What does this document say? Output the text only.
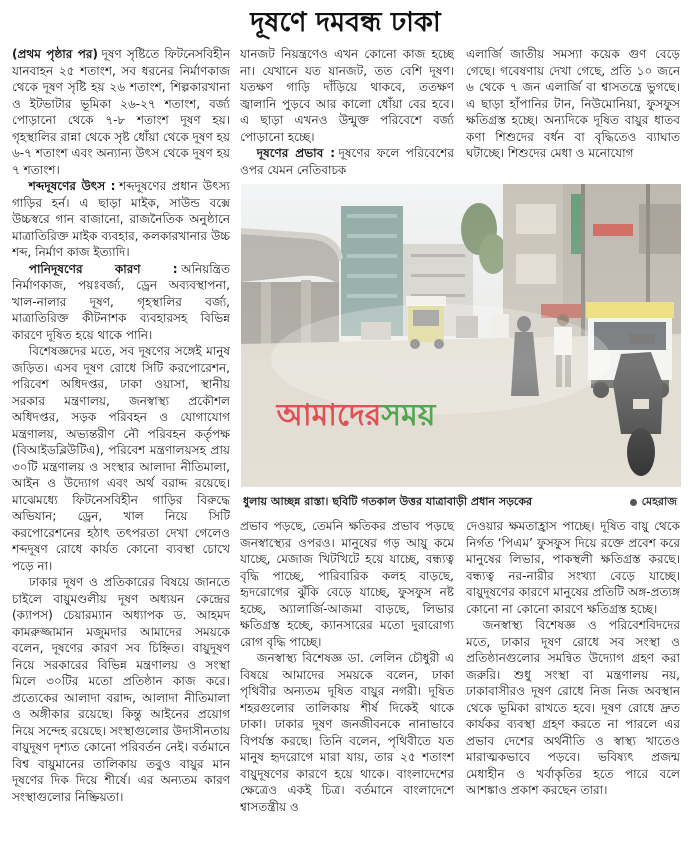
দূষণে দমবন্ধ ঢাকা

(প্রথম পৃষ্ঠার পর) দূষণ সৃষ্টিতে ফিটনেসবিহীন যানবাহন ২৫ শতাংশ, সব ধরনের নির্মাণকাজ থেকে দূষণ সৃষ্টি হয় ২৬ শতাংশ, শিল্পকারখানা ও ইটভাটার ভূমিকা ২৬-২৭ শতাংশ, বর্জ্য পোড়ানো থেকে ৭-৮ শতাংশ দূষণ হয়। গৃহস্থালির রান্না থেকে সৃষ্ট ধোঁয়া থেকে দূষণ হয় ৬-৭ শতাংশ এবং অন্যান্য উৎস থেকে দূষণ হয় ৭ শতাংশ।

শব্দদূষণের উৎস : শব্দদূষণের প্রধান উৎস্য গাড়ির হর্ন। এ ছাড়া মাইক, সাউন্ড বক্সে উচ্চস্বরে গান বাজানো, রাজনৈতিক অনুষ্ঠানে মাত্রাতিরিক্ত মাইক ব্যবহার, কলকারখানার উচ্চ শব্দ, নির্মাণ কাজ ইত্যাদি।

পানিদূষণের কারণ : অনিয়ন্ত্রিত নির্মাণকাজ, পয়ঃবর্জ্য, ড্রেন অব্যবস্থাপনা, খাল-নালার দূষণ, গৃহস্থালির বর্জ্য, মাত্রাতিরিক্ত কীটনাশক ব্যবহারসহ বিভিন্ন কারণে দূষিত হয়ে থাকে পানি।

বিশেষজ্ঞদের মতে, সব দূষণের সঙ্গেই মানুষ জড়িত। এসব দূষণ রোধে সিটি করপোরেশন, পরিবেশ অধিদপ্তর, ঢাকা ওয়াসা, স্থানীয় সরকার মন্ত্রণালয়, জনস্বাস্থ্য প্রকৌশল অধিদপ্তর, সড়ক পরিবহন ও যোগাযোগ মন্ত্রণালয়, অভ্যন্তরীণ নৌ পরিবহন কর্তৃপক্ষ (বিআইডব্লিউটিএ), পরিবেশ মন্ত্রণালয়সহ প্রায় ৩০টি মন্ত্রণালয় ও সংস্থার আলাদা নীতিমালা, আইন ও উদ্যোগ এবং অর্থ বরাদ্দ রয়েছে। মাঝেমধ্যে ফিটনেসবিহীন গাড়ির বিরুদ্ধে অভিযান; ড্রেন, খাল নিয়ে সিটি করপোরেশনের হঠাৎ তৎপরতা দেখা গেলেও শব্দদূষণ রোধে কার্যত কোনো ব্যবস্থা চোখে পড়ে না।

ঢাকার দূষণ ও প্রতিকারের বিষয়ে জানতে চাইলে বায়ুমণ্ডলীয় দূষণ অধ্যয়ন কেন্দ্রের (ক্যাপস) চেয়ারম্যান অধ্যাপক ড. আহমদ কামরুজ্জামান মজুমদার আমাদের সময়কে বলেন, দূষণের কারণ সব চিহ্নিত। বায়ুদূষণ নিয়ে সরকারের বিভিন্ন মন্ত্রণালয় ও সংস্থা মিলে ৩০টির মতো প্রতিষ্ঠান কাজ করে। প্রত্যেকের আলাদা বরাদ্দ, আলাদা নীতিমালা ও অঙ্গীকার রয়েছে। কিন্তু আইনের প্রয়োগ নিয়ে সন্দেহ রয়েছে। সংস্থাগুলোর উদাসীনতায় বায়ুদূষণ দৃশ্যত কোনো পরিবর্তন নেই। বর্তমানে বিশ্ব বায়ুমানের তালিকায় তবুও বায়ুর মান দূষণের দিক দিয়ে শীর্ষে। এর অন্যতম কারণ সংস্থাগুলোর নিষ্ক্রিয়তা।

যানজট নিয়ন্ত্রণেও এখন কোনো কাজ হচ্ছে না। যেখানে যত যানজট, তত বেশি দূষণ। যতক্ষণ গাড়ি দাঁড়িয়ে থাকবে, ততক্ষণ জ্বালানি পুড়বে আর কালো ধোঁয়া বের হবে। এ ছাড়া এখনও উন্মুক্ত পরিবেশে বর্জ্য পোড়ানো হচ্ছে।

দূষণের প্রভাব : দূষণের ফলে পরিবেশের ওপর যেমন নেতিবাচক

এলার্জি জাতীয় সমস্যা কয়েক গুণ বেড়ে গেছে। গবেষণায় দেখা গেছে, প্রতি ১০ জনে ৬ থেকে ৭ জন এলার্জি বা শ্বাসতন্ত্রে ভুগছে। এ ছাড়া হাঁপানির টান, নিউমোনিয়া, ফুসফুস ক্ষতিগ্রস্ত হচ্ছে। অন্যদিকে দূষিত বায়ুর ধাতব কণা শিশুদের বর্ধন বা বৃদ্ধিতেও ব্যাঘাত ঘটাচ্ছে। শিশুদের মেধা ও মনোযোগ

আমাদেরসময়
ধুলায় আচ্ছন্ন রাস্তা। ছবিটি গতকাল উত্তর যাত্রাবাড়ী প্রধান সড়কের	মেহরাজ

প্রভাব পড়ছে, তেমনি ক্ষতিকর প্রভাব পড়ছে জনস্বাস্থ্যের ওপরও। মানুষের গড় আয়ু কমে যাচ্ছে, মেজাজ খিটখিটে হয়ে যাচ্ছে, বন্ধ্যত্ব বৃদ্ধি পাচ্ছে, পারিবারিক কলহ বাড়ছে, হৃদরোগের ঝুঁকি বেড়ে যাচ্ছে, ফুসফুস নষ্ট হচ্ছে, অ্যালার্জি-আজমা বাড়ছে, লিভার ক্ষতিগ্রস্ত হচ্ছে, ক্যানসারের মতো দুরারোগ্য রোগ বৃদ্ধি পাচ্ছে।

জনস্বাস্থ্য বিশেষজ্ঞ ডা. লেলিন চৌধুরী এ বিষয়ে আমাদের সময়কে বলেন, ঢাকা পৃথিবীর অন্যতম দূষিত বায়ুর নগরী। দূষিত শহরগুলোর তালিকায় শীর্ষ দিকেই থাকে ঢাকা। ঢাকার দূষণ জনজীবনকে নানাভাবে বিপর্যস্ত করছে। তিনি বলেন, পৃথিবীতে যত মানুষ হৃদরোগে মারা যায়, তার ২৫ শতাংশ বায়ুদূষণের কারণে হয়ে থাকে। বাংলাদেশের ক্ষেত্রেও একই চিত্র। বর্তমানে বাংলাদেশে শ্বাসতন্ত্রীয় ও

দেওয়ার ক্ষমতাহ্রাস পাচ্ছে। দূষিত বায়ু থেকে নির্গত ‘পিএম’ ফুসফুস দিয়ে রক্তে প্রবেশ করে মানুষের লিভার, পাকস্থলী ক্ষতিগ্রস্ত করছে। বন্ধ্যত্ব নর-নারীর সংখ্যা বেড়ে যাচ্ছে। বায়ুদূষণের কারণে মানুষের প্রতিটি অঙ্গ-প্রত্যঙ্গ কোনো না কোনো কারণে ক্ষতিগ্রস্ত হচ্ছে।

জনস্বাস্থ্য বিশেষজ্ঞ ও পরিবেশবিদদের মতে, ঢাকার দূষণ রোধে সব সংস্থা ও প্রতিষ্ঠানগুলোর সমন্বিত উদ্যোগ গ্রহণ করা জরুরি। শুধু সংস্থা বা মন্ত্রণালয় নয়, ঢাকাবাসীরও দূষণ রোধে নিজ নিজ অবস্থান থেকে ভূমিকা রাখতে হবে। দূষণ রোধে দ্রুত কার্যকর ব্যবস্থা গ্রহণ করতে না পারলে এর প্রভাব দেশের অর্থনীতি ও স্বাস্থ্য খাতেও মারাত্মকভাবে পড়বে। ভবিষ্যৎ প্রজন্ম মেধাহীন ও খর্বাকৃতির হতে পারে বলে আশঙ্কাও প্রকাশ করছেন তারা।
